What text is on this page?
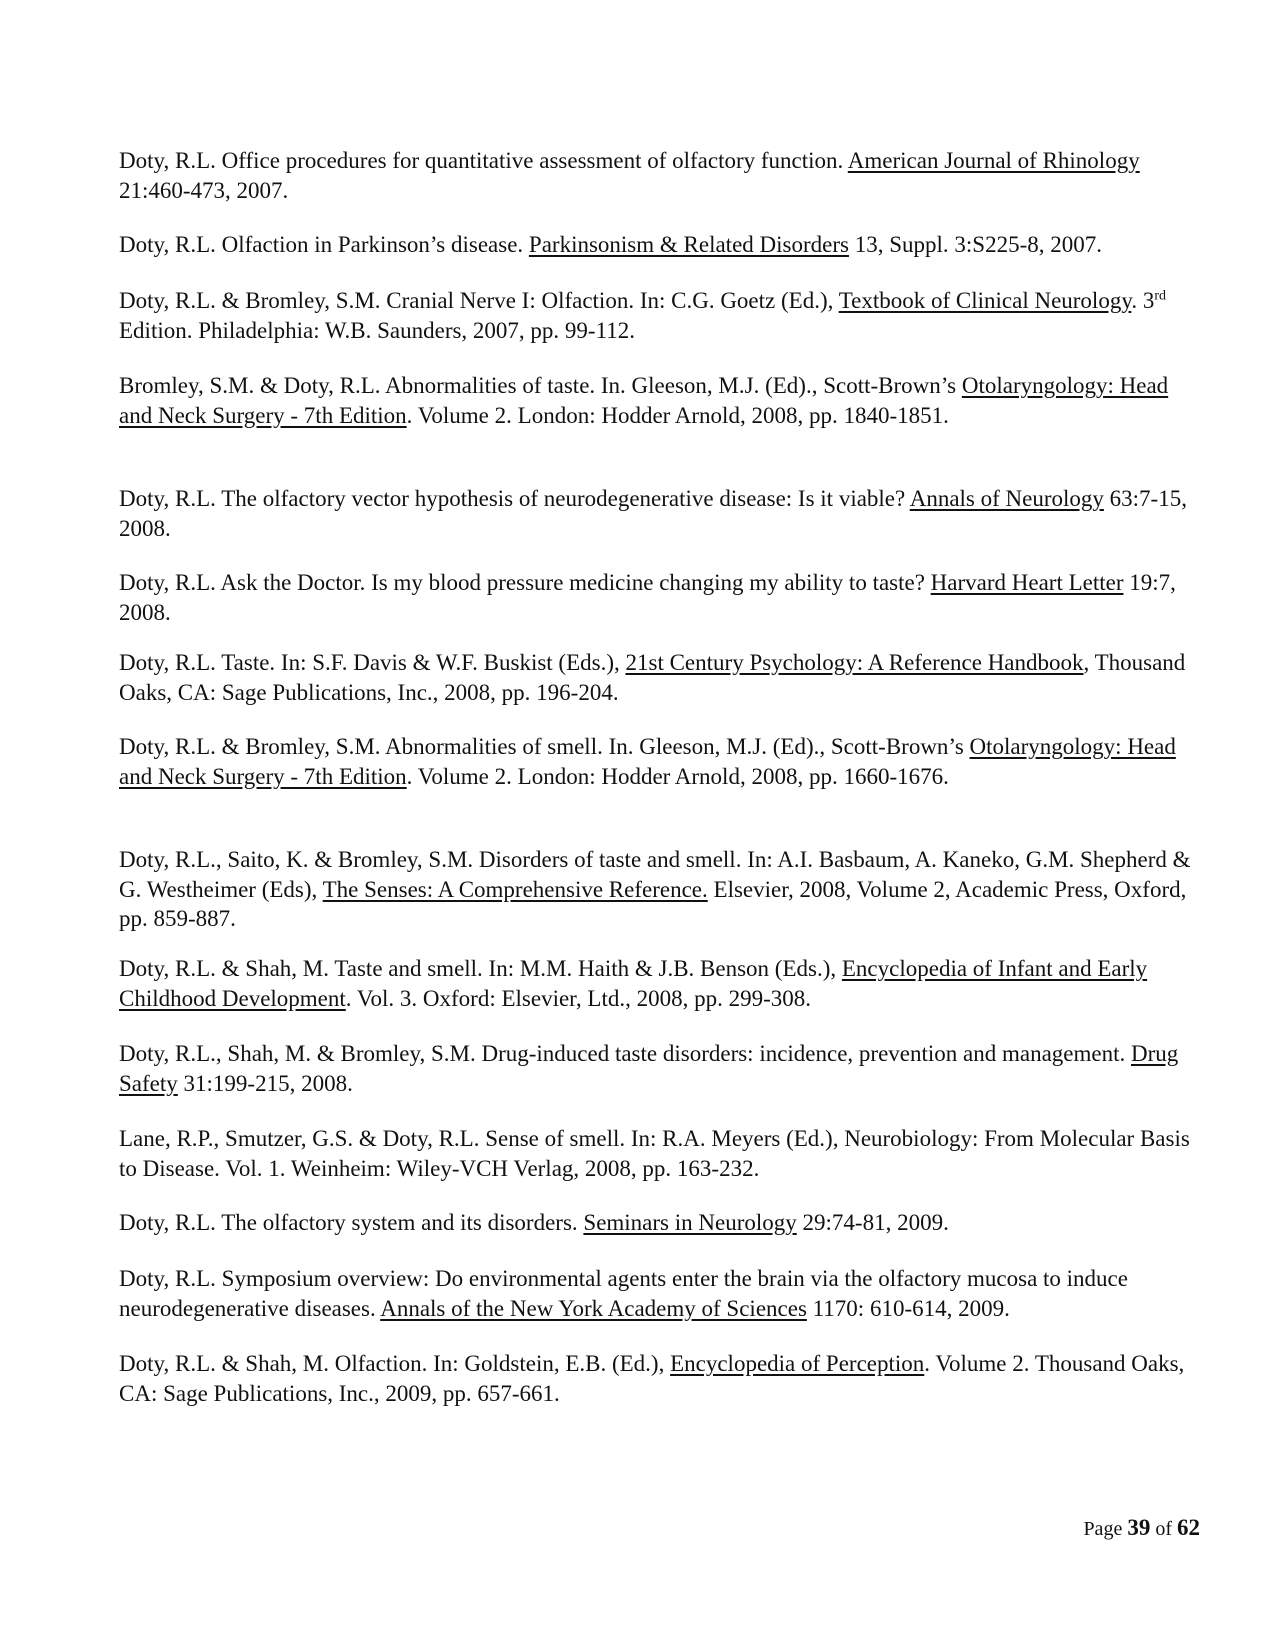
Doty, R.L. Office procedures for quantitative assessment of olfactory function. American Journal of Rhinology 21:460-473, 2007.

Doty, R.L. Olfaction in Parkinson’s disease. Parkinsonism & Related Disorders 13, Suppl. 3:S225-8, 2007.

Doty, R.L. & Bromley, S.M. Cranial Nerve I: Olfaction. In: C.G. Goetz (Ed.), Textbook of Clinical Neurology. 3rd Edition. Philadelphia: W.B. Saunders, 2007, pp. 99-112.

Bromley, S.M. & Doty, R.L. Abnormalities of taste. In. Gleeson, M.J. (Ed)., Scott-Brown’s Otolaryngology: Head and Neck Surgery - 7th Edition. Volume 2. London: Hodder Arnold, 2008, pp. 1840-1851.

Doty, R.L. The olfactory vector hypothesis of neurodegenerative disease: Is it viable? Annals of Neurology 63:7-15, 2008.

Doty, R.L. Ask the Doctor. Is my blood pressure medicine changing my ability to taste? Harvard Heart Letter 19:7, 2008.

Doty, R.L. Taste. In: S.F. Davis & W.F. Buskist (Eds.), 21st Century Psychology: A Reference Handbook, Thousand Oaks, CA: Sage Publications, Inc., 2008, pp. 196-204.

Doty, R.L. & Bromley, S.M. Abnormalities of smell. In. Gleeson, M.J. (Ed)., Scott-Brown’s Otolaryngology: Head and Neck Surgery - 7th Edition. Volume 2. London: Hodder Arnold, 2008, pp. 1660-1676.

Doty, R.L., Saito, K. & Bromley, S.M. Disorders of taste and smell. In: A.I. Basbaum, A. Kaneko, G.M. Shepherd & G. Westheimer (Eds), The Senses: A Comprehensive Reference. Elsevier, 2008, Volume 2, Academic Press, Oxford, pp. 859-887.

Doty, R.L. & Shah, M. Taste and smell. In: M.M. Haith & J.B. Benson (Eds.), Encyclopedia of Infant and Early Childhood Development. Vol. 3. Oxford: Elsevier, Ltd., 2008, pp. 299-308.

Doty, R.L., Shah, M. & Bromley, S.M. Drug-induced taste disorders: incidence, prevention and management. Drug Safety 31:199-215, 2008.

Lane, R.P., Smutzer, G.S. & Doty, R.L. Sense of smell. In: R.A. Meyers (Ed.), Neurobiology: From Molecular Basis to Disease. Vol. 1. Weinheim: Wiley-VCH Verlag, 2008, pp. 163-232.

Doty, R.L. The olfactory system and its disorders. Seminars in Neurology 29:74-81, 2009.

Doty, R.L. Symposium overview: Do environmental agents enter the brain via the olfactory mucosa to induce neurodegenerative diseases. Annals of the New York Academy of Sciences 1170: 610-614, 2009.

Doty, R.L. & Shah, M. Olfaction. In: Goldstein, E.B. (Ed.), Encyclopedia of Perception. Volume 2. Thousand Oaks, CA: Sage Publications, Inc., 2009, pp. 657-661.

Page 39 of 62
